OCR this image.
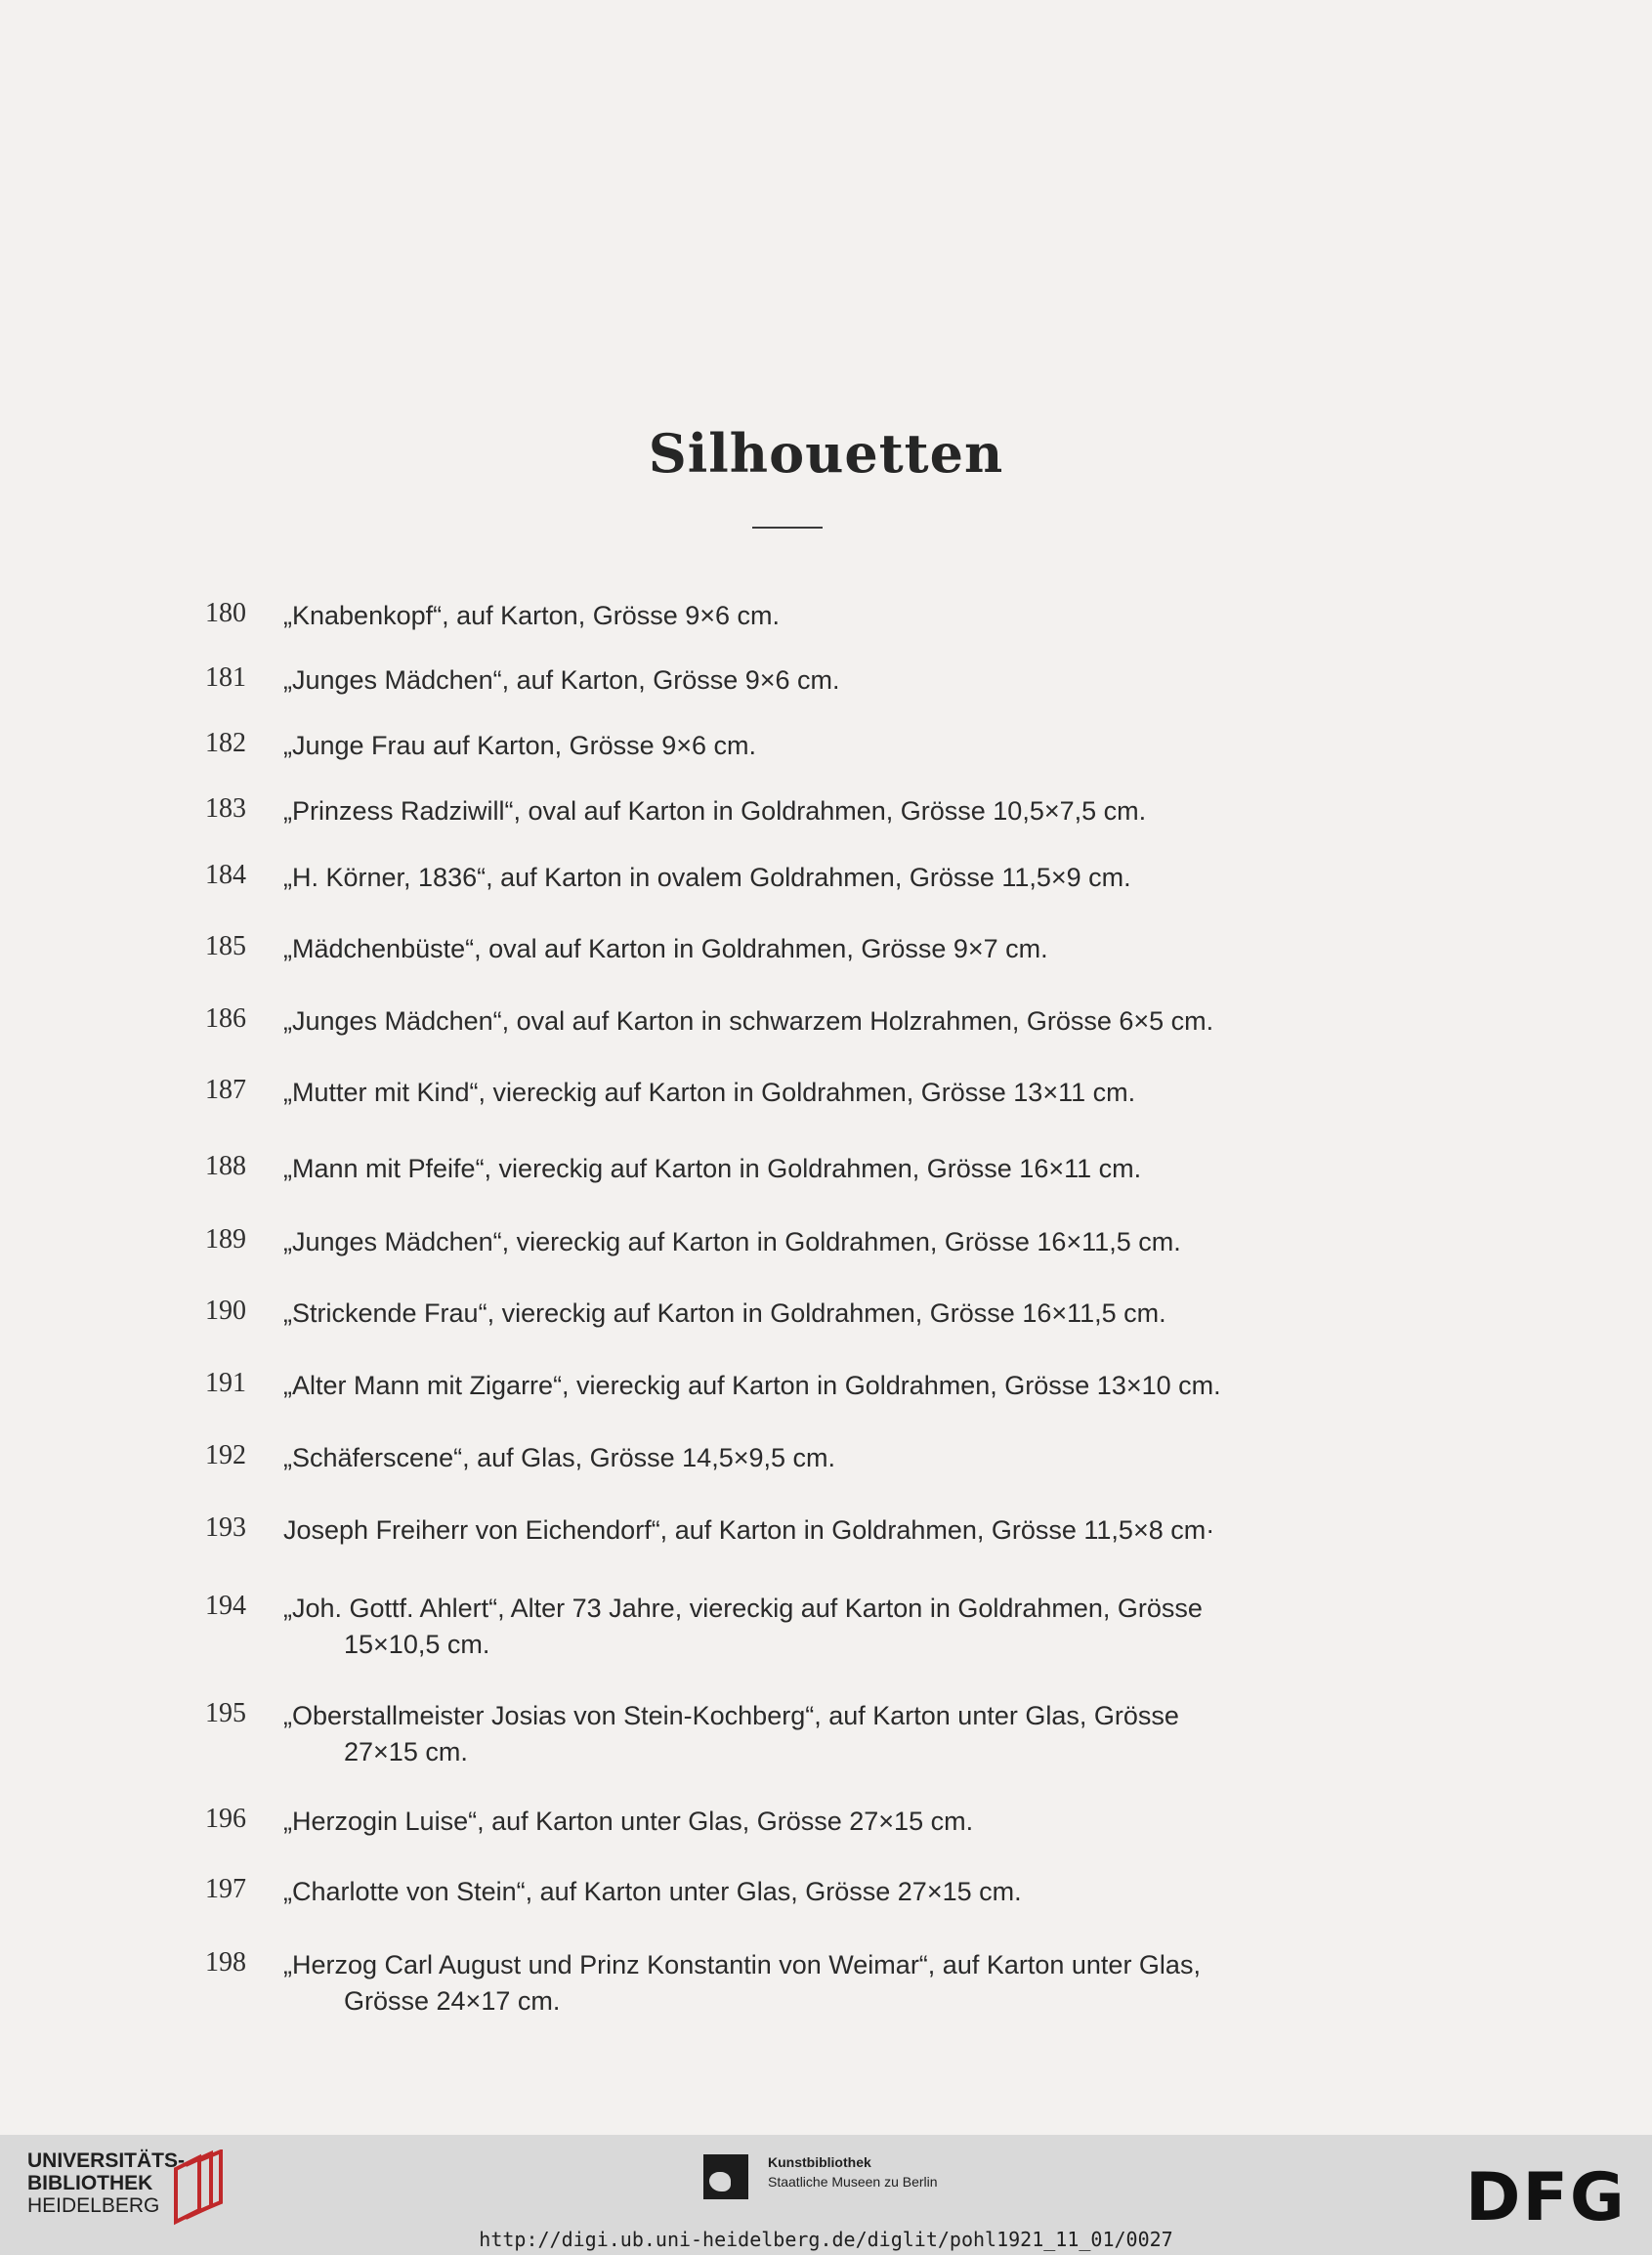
Silhouetten
180 „Knabenkopf“, auf Karton, Grösse 9×6 cm.
181 „Junges Mädchen“, auf Karton, Grösse 9×6 cm.
182 „Junge Frau auf Karton, Grösse 9×6 cm.
183 „Prinzess Radziwill“, oval auf Karton in Goldrahmen, Grösse 10,5×7,5 cm.
184 „H. Körner, 1836“, auf Karton in ovalem Goldrahmen, Grösse 11,5×9 cm.
185 „Mädchenbüste“, oval auf Karton in Goldrahmen, Grösse 9×7 cm.
186 „Junges Mädchen“, oval auf Karton in schwarzem Holzrahmen, Grösse 6×5 cm.
187 „Mutter mit Kind“, viereckig auf Karton in Goldrahmen, Grösse 13×11 cm.
188 „Mann mit Pfeife“, viereckig auf Karton in Goldrahmen, Grösse 16×11 cm.
189 „Junges Mädchen“, viereckig auf Karton in Goldrahmen, Grösse 16×11,5 cm.
190 „Strickende Frau“, viereckig auf Karton in Goldrahmen, Grösse 16×11,5 cm.
191 „Alter Mann mit Zigarre“, viereckig auf Karton in Goldrahmen, Grösse 13×10 cm.
192 „Schäferscene“, auf Glas, Grösse 14,5×9,5 cm.
193 Joseph Freiherr von Eichendorf“, auf Karton in Goldrahmen, Grösse 11,5×8 cm·
194 „Joh. Gottf. Ahlert“, Alter 73 Jahre, viereckig auf Karton in Goldrahmen, Grösse
15×10,5 cm.
195 „Oberstallmeister Josias von Stein-Kochberg“, auf Karton unter Glas, Grösse
27×15 cm.
196 „Herzogin Luise“, auf Karton unter Glas, Grösse 27×15 cm.
197 „Charlotte von Stein“, auf Karton unter Glas, Grösse 27×15 cm.
198 „Herzog Carl August und Prinz Konstantin von Weimar“, auf Karton unter Glas,
Grösse 24×17 cm.
UNIVERSITÄTS-
BIBLIOTHEK
HEIDELBERG
Kunstbibliothek
Staatliche Museen zu Berlin	DFG
http://digi.ub.uni-heidelberg.de/diglit/pohl1921_11_01/0027
